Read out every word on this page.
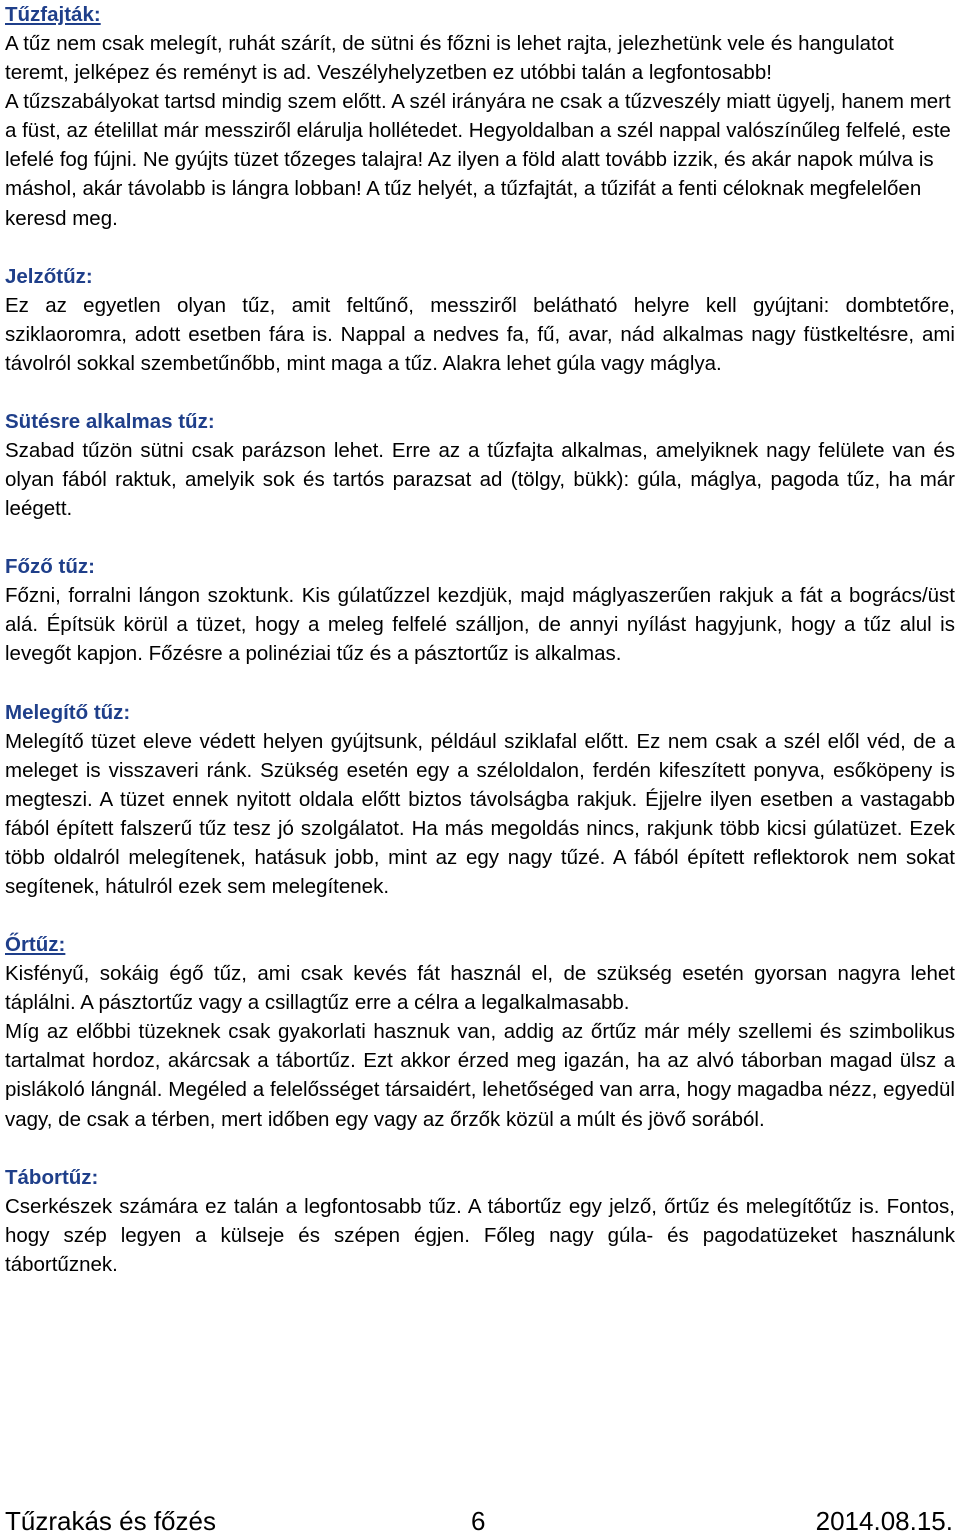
Tűzfajták:

A tűz nem csak melegít, ruhát szárít, de sütni és főzni is lehet rajta, jelezhetünk vele és hangulatot teremt, jelképez és reményt is ad. Veszélyhelyzetben ez utóbbi talán a legfontosabb!

A tűzszabályokat tartsd mindig szem előtt. A szél irányára ne csak a tűzveszély miatt ügyelj, hanem mert a füst, az ételillat már messziről elárulja hollétedet. Hegyoldalban a szél nappal valószínűleg felfelé, este lefelé fog fújni. Ne gyújts tüzet tőzeges talajra! Az ilyen a föld alatt tovább izzik, és akár napok múlva is máshol, akár távolabb is lángra lobban! A tűz helyét, a tűzfajtát, a tűzifát a fenti céloknak megfelelően keresd meg.

Jelzőtűz:

Ez az egyetlen olyan tűz, amit feltűnő, messziről belátható helyre kell gyújtani: dombtetőre, sziklaoromra, adott esetben fára is. Nappal a nedves fa, fű, avar, nád alkalmas nagy füstkeltésre, ami távolról sokkal szembetűnőbb, mint maga a tűz. Alakra lehet gúla vagy máglya.

Sütésre alkalmas tűz:

Szabad tűzön sütni csak parázson lehet. Erre az a tűzfajta alkalmas, amelyiknek nagy felülete van és olyan fából raktuk, amelyik sok és tartós parazsat ad (tölgy, bükk): gúla, máglya, pagoda tűz, ha már leégett.

Főző tűz:

Főzni, forralni lángon szoktunk. Kis gúlatűzzel kezdjük, majd máglyaszerűen rakjuk a fát a bogrács/üst alá. Építsük körül a tüzet, hogy a meleg felfelé szálljon, de annyi nyílást hagyjunk, hogy a tűz alul is levegőt kapjon. Főzésre a polinéziai tűz és a pásztortűz is alkalmas.

Melegítő tűz:

Melegítő tüzet eleve védett helyen gyújtsunk, például sziklafal előtt. Ez nem csak a szél elől véd, de a meleget is visszaveri ránk. Szükség esetén egy a széloldalon, ferdén kifeszített ponyva, esőköpeny is megteszi. A tüzet ennek nyitott oldala előtt biztos távolságba rakjuk. Éjjelre ilyen esetben a vastagabb fából épített falszerű tűz tesz jó szolgálatot. Ha más megoldás nincs, rakjunk több kicsi gúlatüzet. Ezek több oldalról melegítenek, hatásuk jobb, mint az egy nagy tűzé. A fából épített reflektorok nem sokat segítenek, hátulról ezek sem melegítenek.

Őrtűz:

Kisfényű, sokáig égő tűz, ami csak kevés fát használ el, de szükség esetén gyorsan nagyra lehet táplálni. A pásztortűz vagy a csillagtűz erre a célra a legalkalmasabb.

Míg az előbbi tüzeknek csak gyakorlati hasznuk van, addig az őrtűz már mély szellemi és szimbolikus tartalmat hordoz, akárcsak a tábortűz. Ezt akkor érzed meg igazán, ha az alvó táborban magad ülsz a pislákoló lángnál. Megéled a felelősséget társaidért, lehetőséged van arra, hogy magadba nézz, egyedül vagy, de csak a térben, mert időben egy vagy az őrzők közül a múlt és jövő sorából.

Tábortűz:

Cserkészek számára ez talán a legfontosabb tűz. A tábortűz egy jelző, őrtűz és melegítőtűz is. Fontos, hogy szép legyen a külseje és szépen égjen. Főleg nagy gúla- és pagodatüzeket használunk tábortűznek.

Tűzrakás és főzés	6	2014.08.15.
